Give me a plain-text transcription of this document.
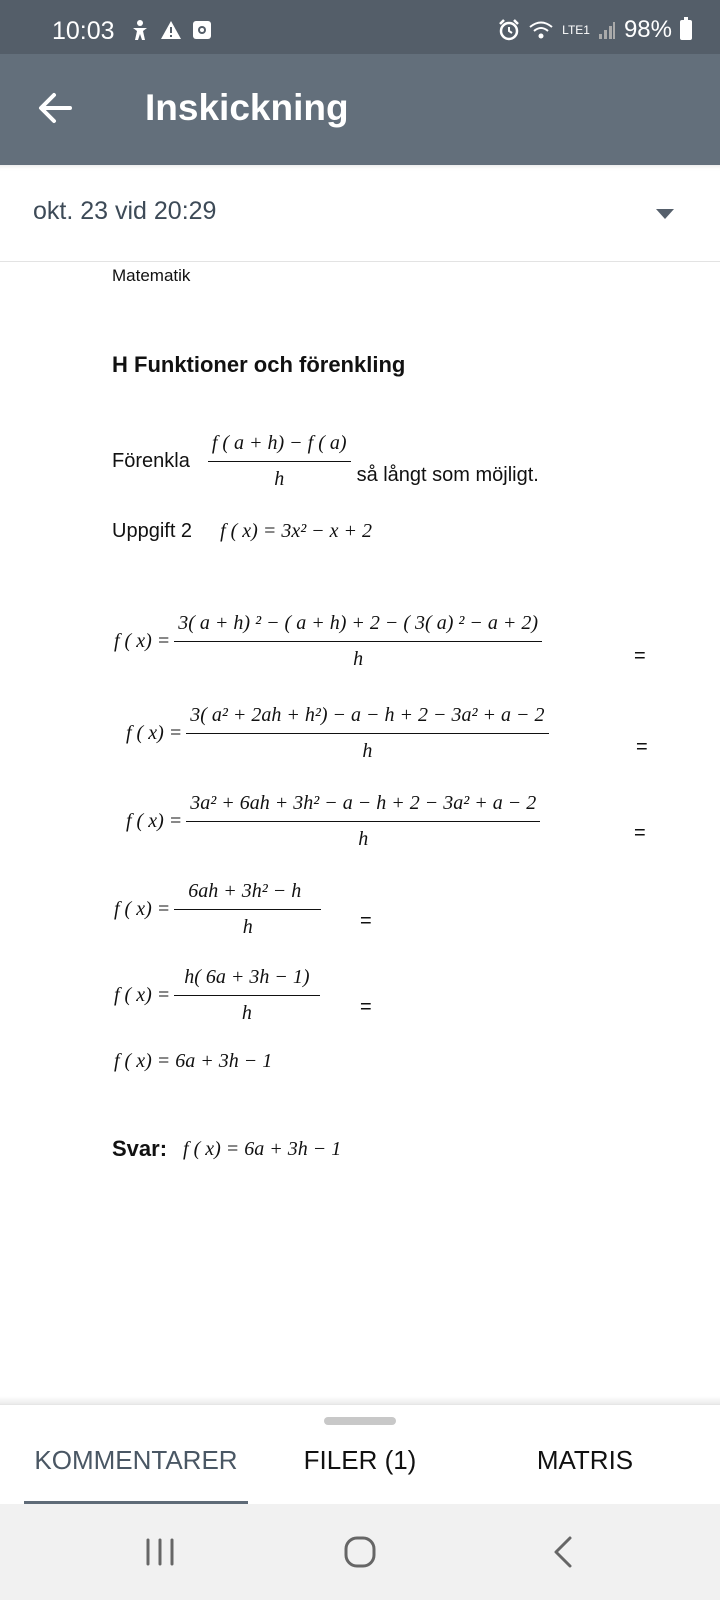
10:03	LTE1 98%
Inskickning
okt. 23 vid 20:29
Matematik
H Funktioner och förenkling
Förenkla $\frac{f ( a + h) - f ( a)}{h}$ så långt som möjligt.
Uppgift 2 f ( x) = 3x² − x + 2
f ( $x) = \frac{\text{3( a + h) ² − ( a + h) + 2 − ( 3( a) ² − a + 2)}}{h}$	=
f ( $x) = \frac{\text{3( a² + 2ah + h²) − a − h + 2 − 3a² + a − 2}}{h}$	=
f ( $x) = \frac{\text{3a² + 6ah + 3h² − a − h + 2 − 3a² + a − 2}}{h}$	=
f ( $x) = \frac{\text{6ah + 3h² − h}}{h}$ =
f ( $x) = \frac{h( 6a + 3h - 1)}{h}$ =
f ( x) = 6a + 3h − 1
Svar: f ( x) = 6a + 3h − 1
KOMMENTARER	FILER (1)	MATRIS
